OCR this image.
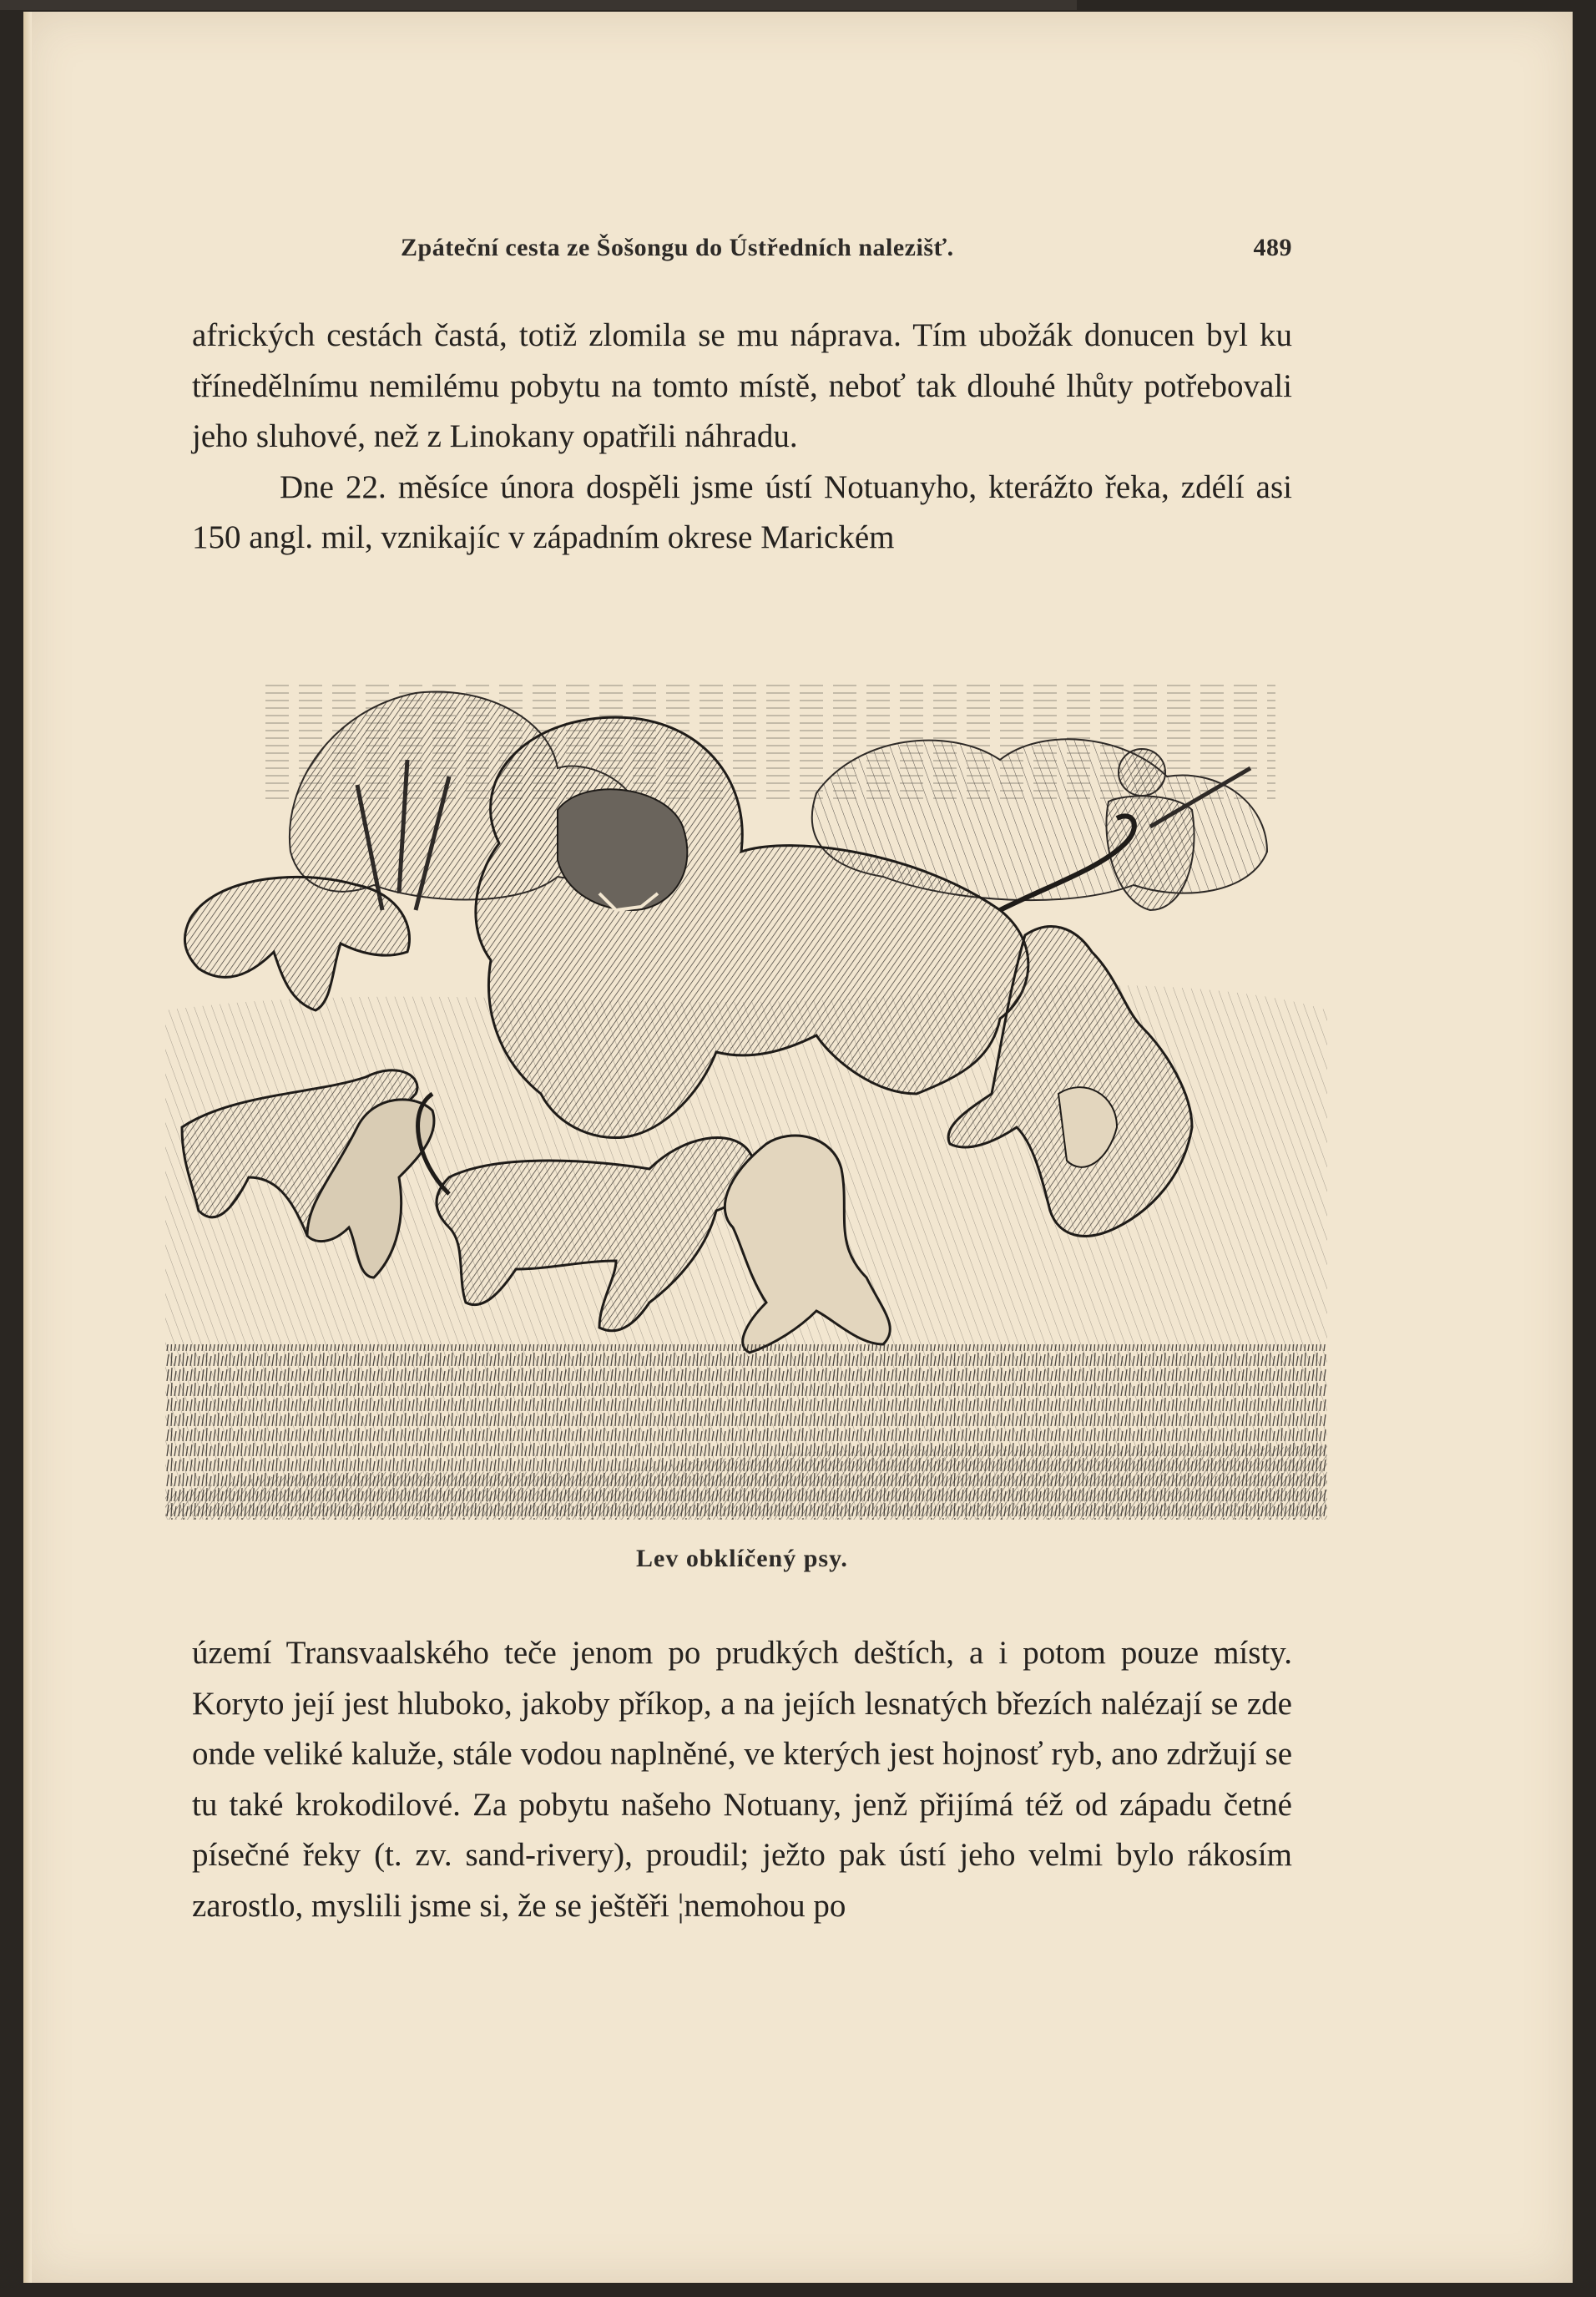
Zpáteční cesta ze Šošongu do Ústředních nalezišť.	489

afrických cestách častá, totiž zlomila se mu náprava. Tím ubožák donucen byl ku třínedělnímu nemilému pobytu na tomto místě, neboť tak dlouhé lhůty potřebovali jeho sluhové, než z Linokany opatřili náhradu.

Dne 22. měsíce února dospěli jsme ústí Notuanyho, kterážto řeka, zdélí asi 150 angl. mil, vznikajíc v západním okrese Marickém

Lev obklíčený psy.

území Transvaalského teče jenom po prudkých deštích, a i potom pouze místy. Koryto její jest hluboko, jakoby příkop, a na jejích lesnatých březích nalézají se zde onde veliké kaluže, stále vodou naplněné, ve kterých jest hojnosť ryb, ano zdržují se tu také krokodilové. Za pobytu našeho Notuany, jenž přijímá též od západu četné písečné řeky (t. zv. sand-rivery), proudil; ježto pak ústí jeho velmi bylo rákosím zarostlo, myslili jsme si, že se ještěři ¦nemohou po
